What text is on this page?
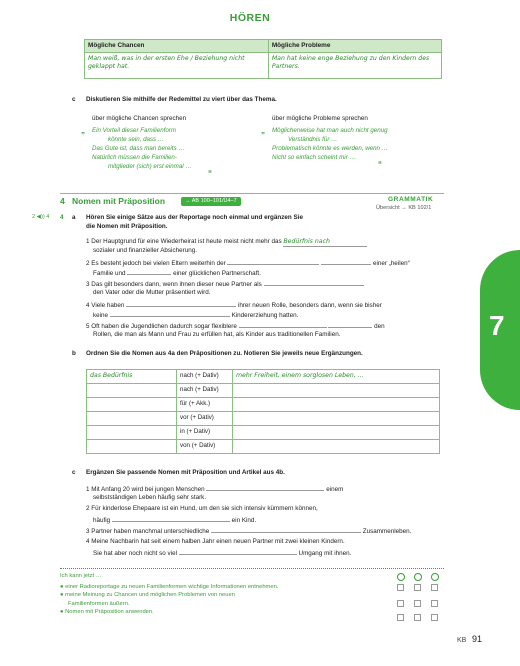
HÖREN
Mögliche Chancen	Mögliche Probleme
Man weiß, was in der ersten Ehe / Beziehung nicht geklappt hat.	Man hat keine enge Beziehung zu den Kindern des Partners.
c Diskutieren Sie mithilfe der Redemittel zu viert über das Thema.
über mögliche Chancen sprechen	über mögliche Probleme sprechen
„ Ein Vorteil dieser Familienform
könnte sein, dass …
Das Gute ist, dass man bereits …
Natürlich müssen die Familien-
mitglieder (sich) erst einmal …
“
„ Möglicherweise hat man auch nicht genug
Verständnis für …
Problematisch könnte es werden, wenn …
Nicht so einfach scheint mir …
“
4 Nomen mit Präposition	→ AB 100–101/Ü4–7	GRAMMATIK
Übersicht → KB 102/1
2 ◀)) 4 4 a Hören Sie einige Sätze aus der Reportage noch einmal und ergänzen Sie
die Nomen mit Präposition.
1 Der Hauptgrund für eine Wiederheirat ist heute meist nicht mehr das Bedürfnis nach
sozialer und finanzieller Absicherung.
2 Es besteht jedoch bei vielen Eltern weiterhin der	einer „heilen“
Familie und	einer glücklichen Partnerschaft.
3 Das gilt besonders dann, wenn ihnen dieser neue Partner als
den Vater oder die Mutter präsentiert wird.
4 Viele haben	ihrer neuen Rolle, besonders dann, wenn sie bisher
keine	Kindererziehung hatten.
5 Oft haben die Jugendlichen dadurch sogar flexiblere	den
Rollen, die man als Mann und Frau zu erfüllen hat, als Kinder aus traditionellen Familien.
b Ordnen Sie die Nomen aus 4a den Präpositionen zu. Notieren Sie jeweils neue Ergänzungen.
das Bedürfnis	nach (+ Dativ)	mehr Freiheit, einem sorglosen Leben, …
	nach (+ Dativ)	
	für (+ Akk.)	
	vor (+ Dativ)	
	in (+ Dativ)	
	von (+ Dativ)	
c Ergänzen Sie passende Nomen mit Präposition und Artikel aus 4b.
1 Mit Anfang 20 wird bei jungen Menschen	einem
selbstständigen Leben häufig sehr stark.
2 Für kinderlose Ehepaare ist ein Hund, um den sie sich intensiv kümmern können,
häufig	ein Kind.
3 Partner haben manchmal unterschiedliche	Zusammenleben.
4 Meine Nachbarin hat seit einem halben Jahr einen neuen Partner mit zwei kleinen Kindern.
Sie hat aber noch nicht so viel	Umgang mit ihnen.
Ich kann jetzt …
● einer Radioreportage zu neuen Familienformen wichtige Informationen entnehmen.
● meine Meinung zu Chancen und möglichen Problemen von neuen
Familienformen äußern.
● Nomen mit Präposition anwenden.
7
KB 91
